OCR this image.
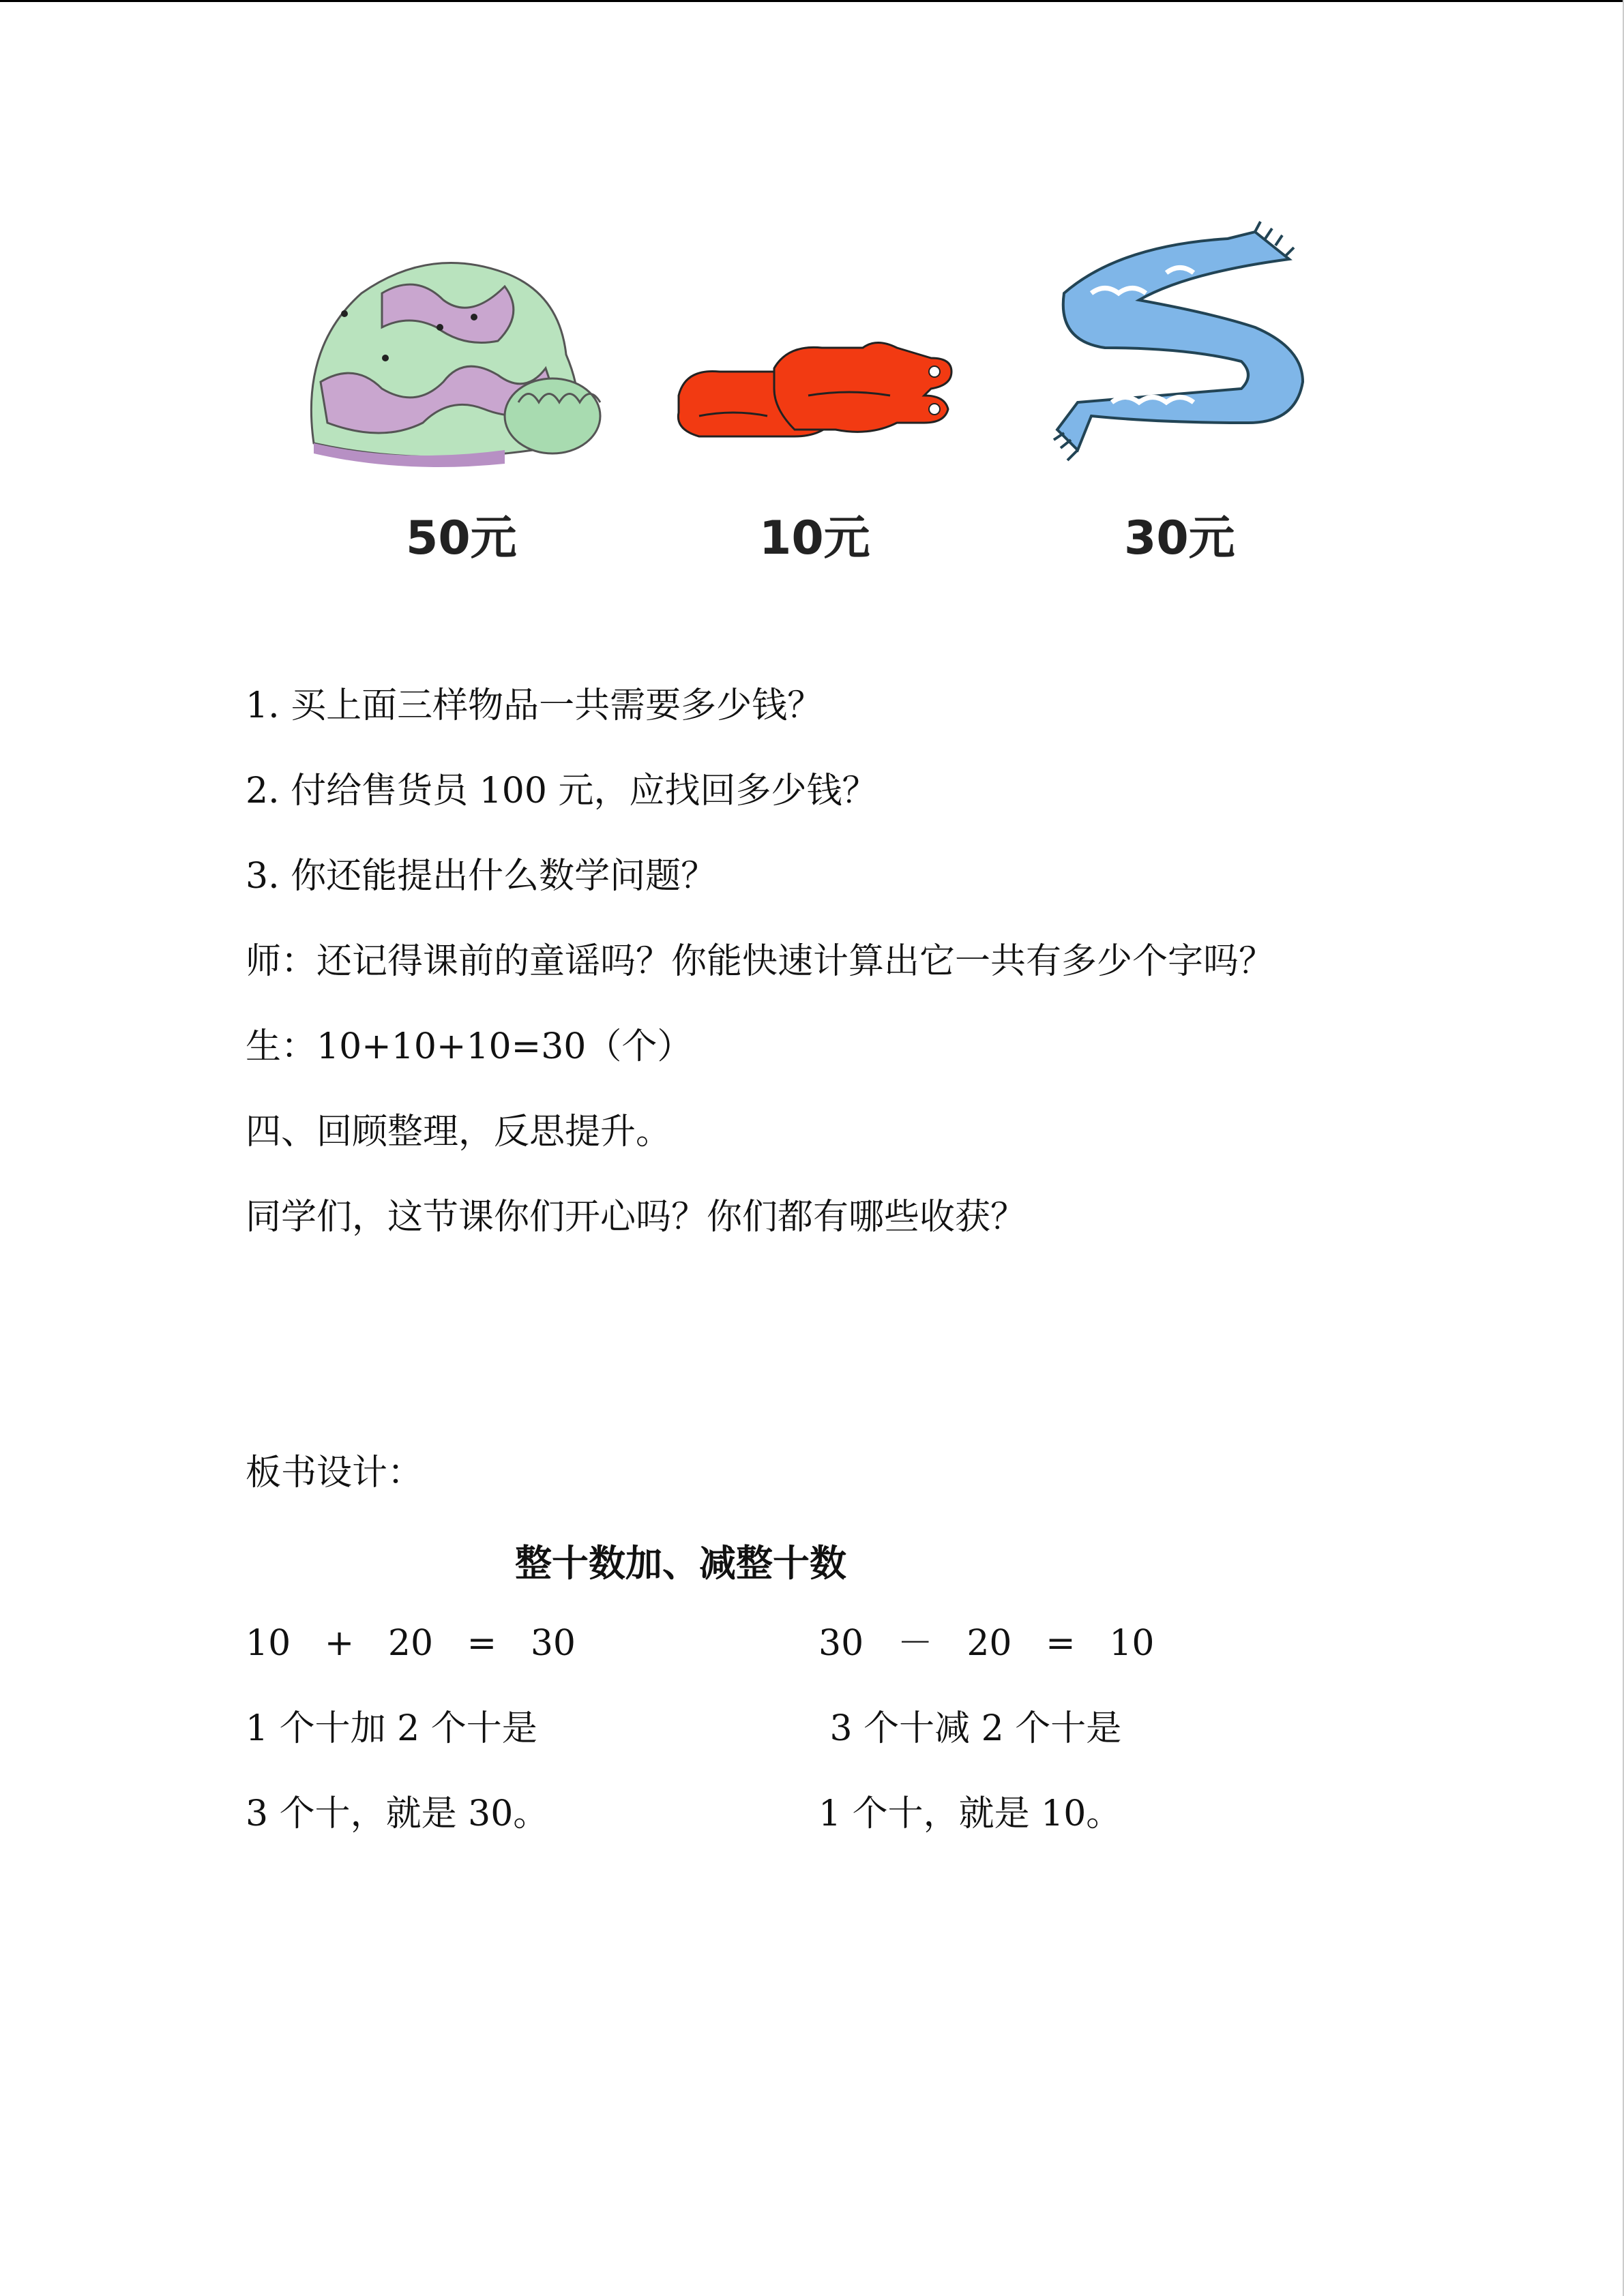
50元	10元	30元
1. 买上面三样物品一共需要多少钱？
2. 付给售货员 100 元，应找回多少钱？
3. 你还能提出什么数学问题？
师：还记得课前的童谣吗？你能快速计算出它一共有多少个字吗？
生：10+10+10=30（个）
四、回顾整理，反思提升。
同学们，这节课你们开心吗？你们都有哪些收获？
板书设计：
整十数加、减整十数
10   +   20   =   30	30   －   20   =   10
1 个十加 2 个十是	3 个十减 2 个十是
3 个十，就是 30。	1 个十，就是 10。
